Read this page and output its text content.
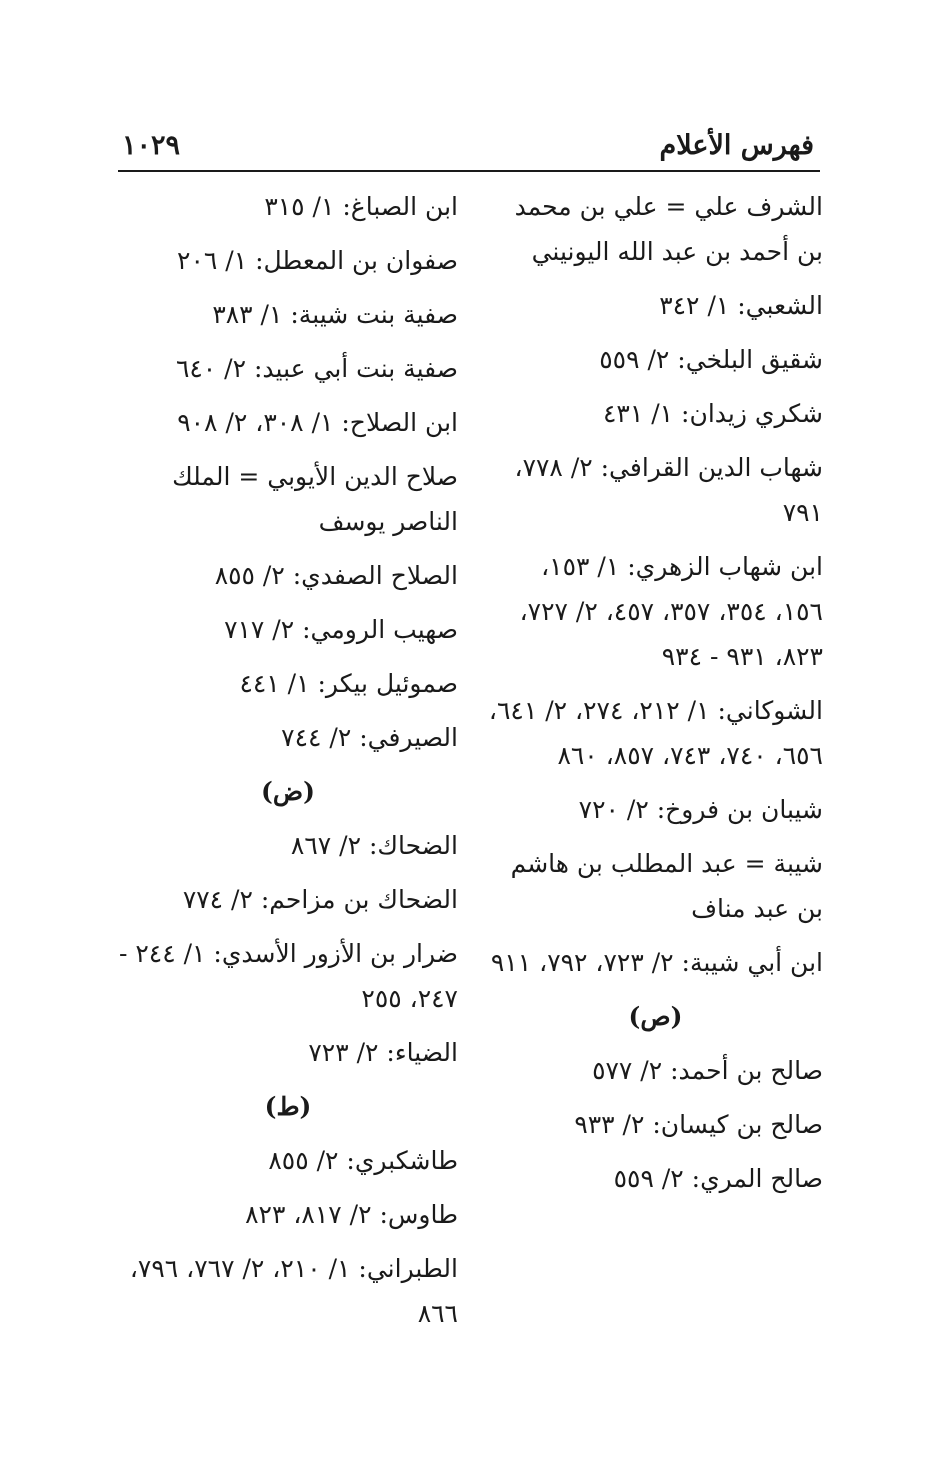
فهرس الأعلام
١٠٢٩
الشرف علي = علي بن محمد بن أحمد بن عبد الله اليونيني
الشعبي: ١/ ٣٤٢
شقيق البلخي: ٢/ ٥٥٩
شكري زيدان: ١/ ٤٣١
شهاب الدين القرافي: ٢/ ٧٧٨، ٧٩١
ابن شهاب الزهري: ١/ ١٥٣، ١٥٦، ٣٥٤، ٣٥٧، ٤٥٧، ٢/ ٧٢٧، ٨٢٣، ٩٣١ - ٩٣٤
الشوكاني: ١/ ٢١٢، ٢٧٤، ٢/ ٦٤١، ٦٥٦، ٧٤٠، ٧٤٣، ٨٥٧، ٨٦٠
شيبان بن فروخ: ٢/ ٧٢٠
شيبة = عبد المطلب بن هاشم بن عبد مناف
ابن أبي شيبة: ٢/ ٧٢٣، ٧٩٢، ٩١١
(ص)
صالح بن أحمد: ٢/ ٥٧٧
صالح بن كيسان: ٢/ ٩٣٣
صالح المري: ٢/ ٥٥٩
ابن الصباغ: ١/ ٣١٥
صفوان بن المعطل: ١/ ٢٠٦
صفية بنت شيبة: ١/ ٣٨٣
صفية بنت أبي عبيد: ٢/ ٦٤٠
ابن الصلاح: ١/ ٣٠٨، ٢/ ٩٠٨
صلاح الدين الأيوبي = الملك الناصر يوسف
الصلاح الصفدي: ٢/ ٨٥٥
صهيب الرومي: ٢/ ٧١٧
صموئيل بيكر: ١/ ٤٤١
الصيرفي: ٢/ ٧٤٤
(ض)
الضحاك: ٢/ ٨٦٧
الضحاك بن مزاحم: ٢/ ٧٧٤
ضرار بن الأزور الأسدي: ١/ ٢٤٤ - ٢٤٧، ٢٥٥
الضياء: ٢/ ٧٢٣
(ط)
طاشكبري: ٢/ ٨٥٥
طاوس: ٢/ ٨١٧، ٨٢٣
الطبراني: ١/ ٢١٠، ٢/ ٧٦٧، ٧٩٦، ٨٦٦
